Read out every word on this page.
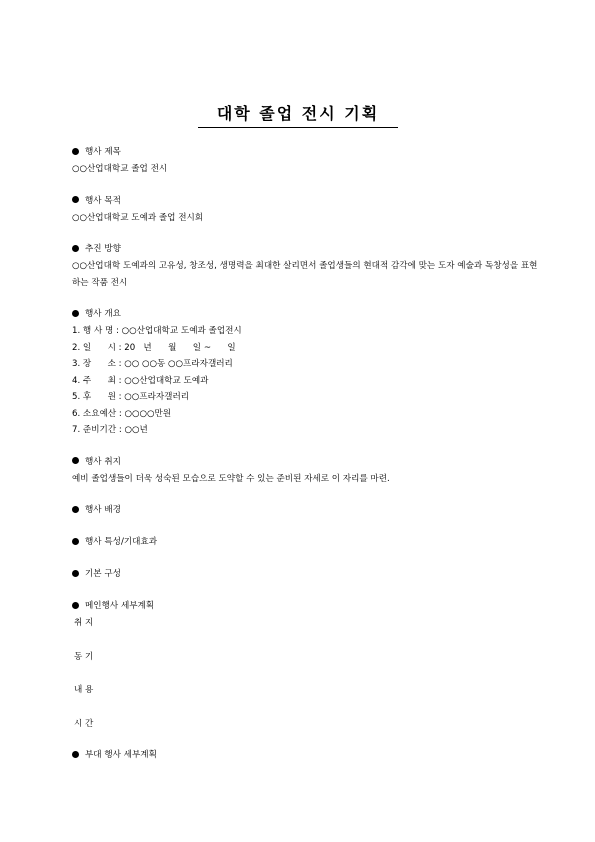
대학 졸업 전시 기획
행사 제목
○○산업대학교 졸업 전시
행사 목적
○○산업대학교 도예과 졸업 전시회
추진 방향
○○산업대학 도예과의 고유성, 창조성, 생명력을 최대한 살리면서 졸업생들의 현대적 감각에 맞는 도자 예술과 독창성을 표현하는 작품 전시
행사 개요
1. 행 사 명 : ○○산업대학교 도예과 졸업전시
2. 일      시 : 20   년      월      일 ~      일
3. 장      소 : ○○ ○○동 ○○프라자갤러리
4. 주      최 : ○○산업대학교 도예과
5. 후      원 : ○○프라자갤러리
6. 소요예산 : ○○○○만원
7. 준비기간 : ○○년
행사 취지
예비 졸업생들이 더욱 성숙된 모습으로 도약할 수 있는 준비된 자세로 이 자리를 마련.
행사 배경
행사 특성/기대효과
기본 구성
메인행사 세부계획
취 지
동 기
내 용
시 간
부대 행사 세부계획
